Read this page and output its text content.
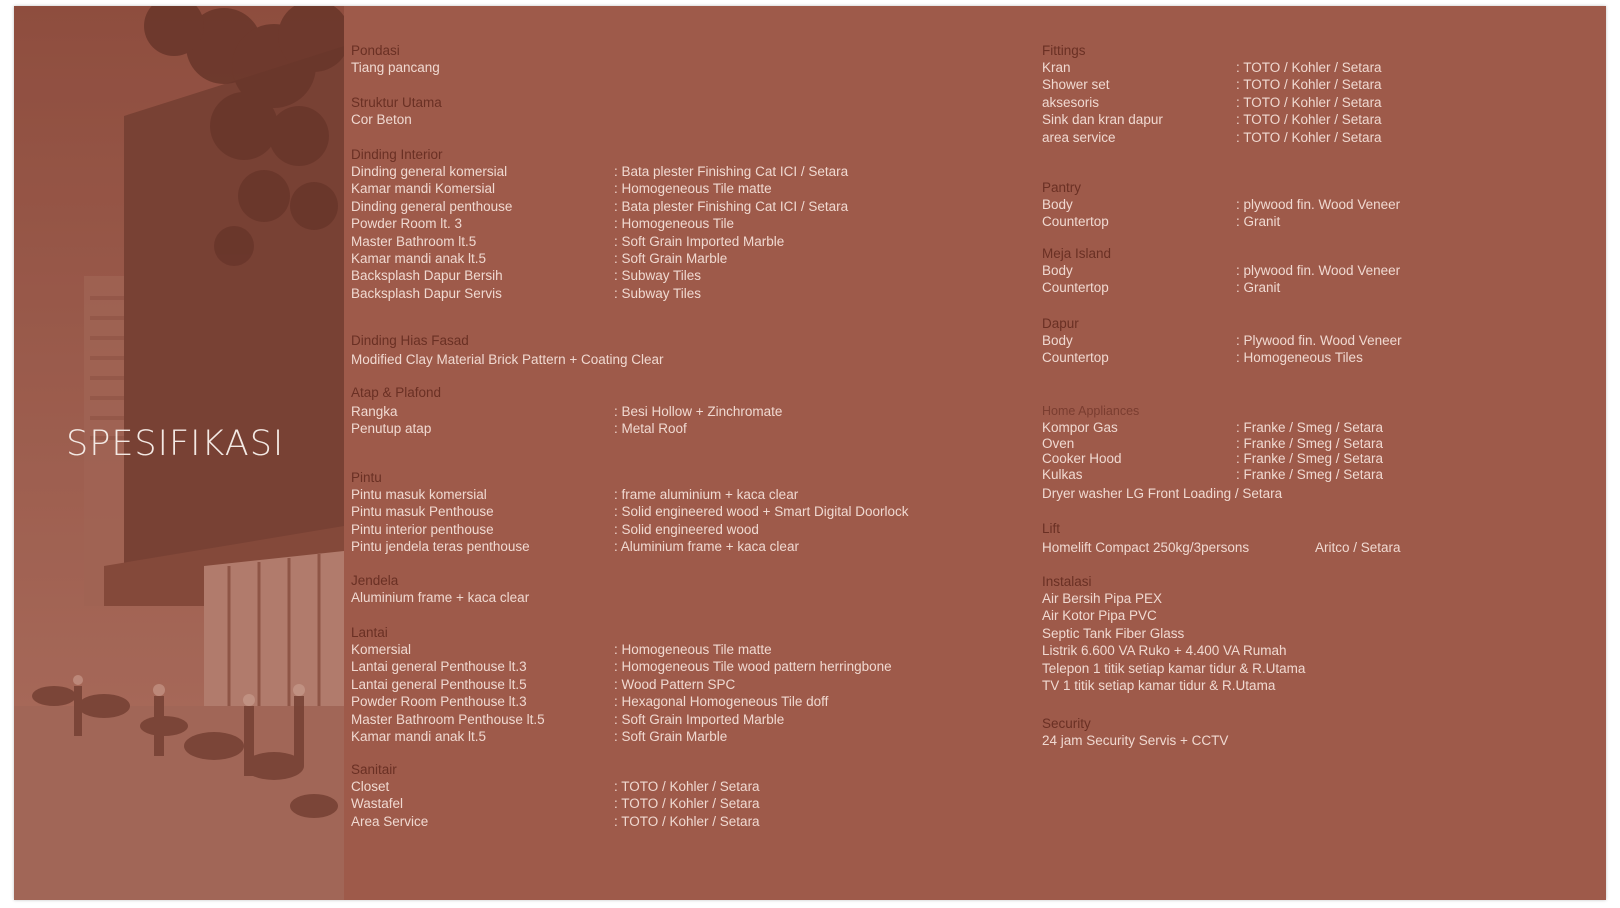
SPESIFIKASI
Pondasi
Tiang pancang
Struktur Utama
Cor Beton
Dinding Interior
Dinding general komersial	: Bata plester Finishing Cat ICI / Setara
Kamar mandi Komersial	: Homogeneous Tile matte
Dinding general penthouse	: Bata plester Finishing Cat ICI / Setara
Powder Room lt. 3	: Homogeneous Tile
Master Bathroom lt.5	: Soft Grain Imported Marble
Kamar mandi anak lt.5	: Soft Grain Marble
Backsplash Dapur Bersih	: Subway Tiles
Backsplash Dapur Servis	: Subway Tiles
Dinding Hias Fasad
Modified Clay Material Brick Pattern + Coating Clear
Atap & Plafond
Rangka	: Besi Hollow + Zinchromate
Penutup atap	: Metal Roof
Pintu
Pintu masuk komersial	: frame aluminium + kaca clear
Pintu masuk Penthouse	: Solid engineered wood + Smart Digital Doorlock
Pintu interior penthouse	: Solid engineered wood
Pintu jendela teras penthouse	: Aluminium frame + kaca clear
Jendela
Aluminium frame + kaca clear
Lantai
Komersial	: Homogeneous Tile matte
Lantai general Penthouse lt.3	: Homogeneous Tile wood pattern herringbone
Lantai general Penthouse lt.5	: Wood Pattern SPC
Powder Room Penthouse lt.3	: Hexagonal Homogeneous Tile doff
Master Bathroom Penthouse lt.5	: Soft Grain Imported Marble
Kamar mandi anak lt.5	: Soft Grain Marble
Sanitair
Closet	: TOTO / Kohler / Setara
Wastafel	: TOTO / Kohler / Setara
Area Service	: TOTO / Kohler / Setara
Fittings
Kran	: TOTO / Kohler / Setara
Shower set	: TOTO / Kohler / Setara
aksesoris	: TOTO / Kohler / Setara
Sink dan kran dapur	: TOTO / Kohler / Setara
area service	: TOTO / Kohler / Setara
Pantry
Body	: plywood fin. Wood Veneer
Countertop	: Granit
Meja Island
Body	: plywood fin. Wood Veneer
Countertop	: Granit
Dapur
Body	: Plywood fin. Wood Veneer
Countertop	: Homogeneous Tiles
Home Appliances
Kompor Gas	: Franke / Smeg / Setara
Oven	: Franke / Smeg / Setara
Cooker Hood	: Franke / Smeg / Setara
Kulkas	: Franke / Smeg / Setara
Dryer washer LG Front Loading / Setara
Lift
Homelift Compact 250kg/3persons	Aritco / Setara
Instalasi
Air Bersih Pipa PEX
Air Kotor Pipa PVC
Septic Tank Fiber Glass
Listrik 6.600 VA Ruko + 4.400 VA Rumah
Telepon 1 titik setiap kamar tidur & R.Utama
TV 1 titik setiap kamar tidur & R.Utama
Security
24 jam Security Servis + CCTV
